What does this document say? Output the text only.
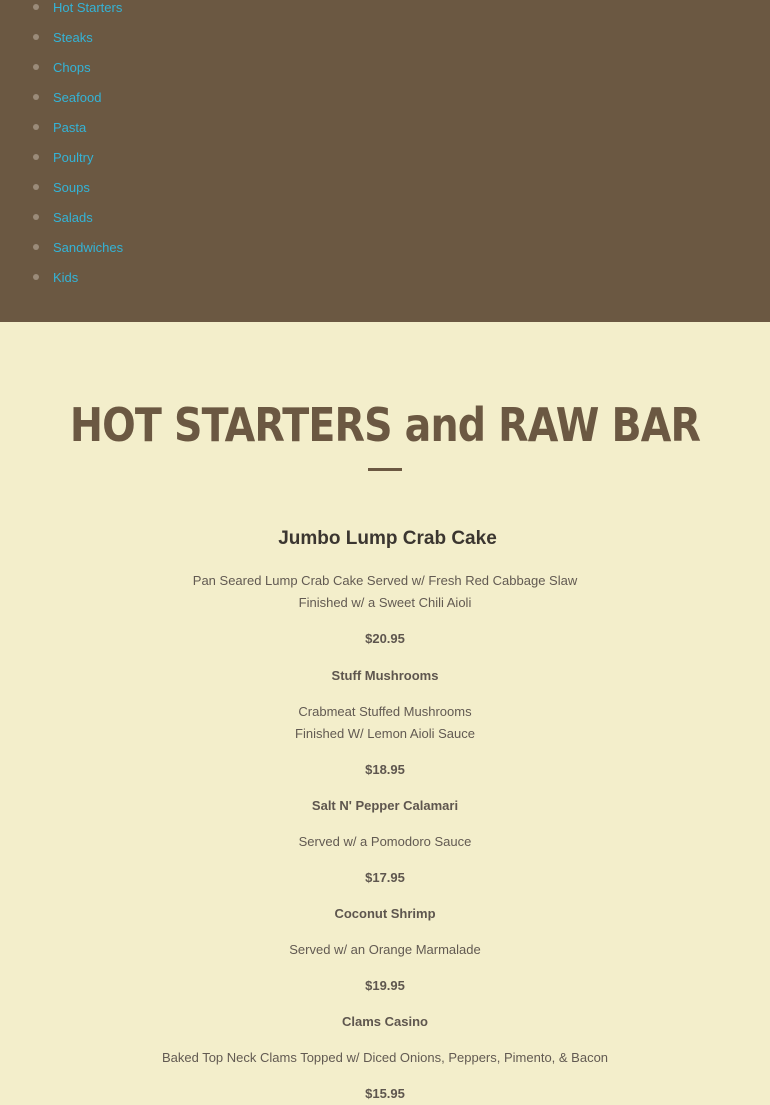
Hot Starters
Steaks
Chops
Seafood
Pasta
Poultry
Soups
Salads
Sandwiches
Kids
HOT STARTERS and RAW BAR
Jumbo Lump Crab Cake
Pan Seared Lump Crab Cake Served w/ Fresh Red Cabbage Slaw
Finished w/ a Sweet Chili Aioli
$20.95
Stuff Mushrooms
Crabmeat Stuffed Mushrooms
Finished W/ Lemon Aioli Sauce
$18.95
Salt N' Pepper Calamari
Served w/ a Pomodoro Sauce
$17.95
Coconut Shrimp
Served w/ an Orange Marmalade
$19.95
Clams Casino
Baked Top Neck Clams Topped w/ Diced Onions, Peppers, Pimento, & Bacon
$15.95
